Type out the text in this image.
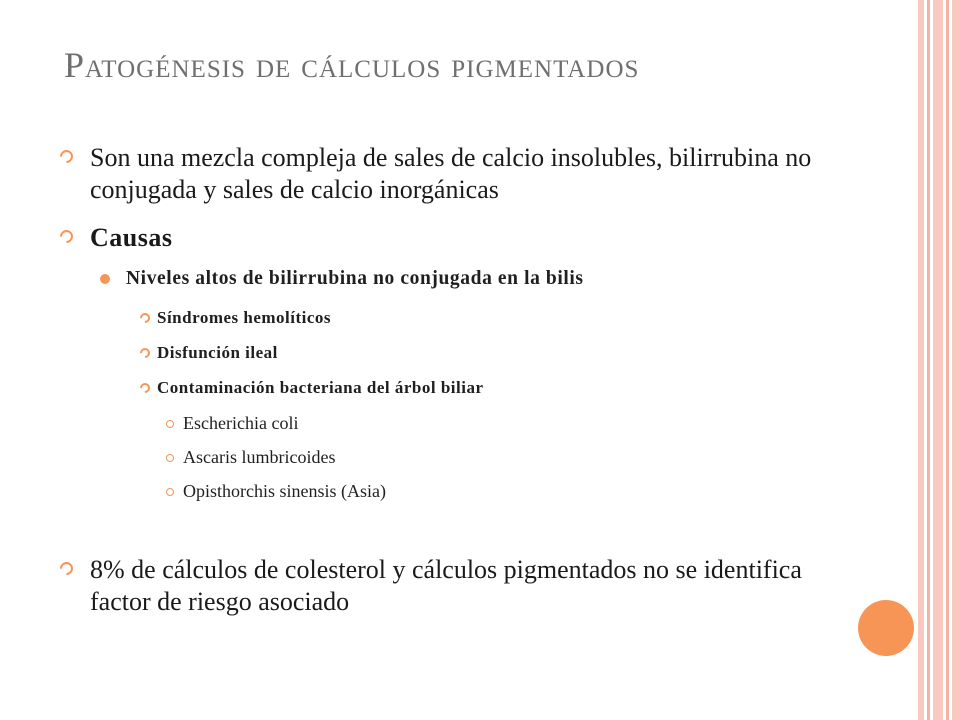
Patogénesis de cálculos pigmentados
Son una mezcla compleja de sales de calcio insolubles, bilirrubina no conjugada y sales de calcio inorgánicas
Causas
Niveles altos de bilirrubina no conjugada en la bilis
Síndromes hemolíticos
Disfunción ileal
Contaminación bacteriana del árbol biliar
Escherichia coli
Ascaris lumbricoides
Opisthorchis sinensis (Asia)
8% de cálculos de colesterol y cálculos pigmentados no se identifica factor de riesgo asociado
